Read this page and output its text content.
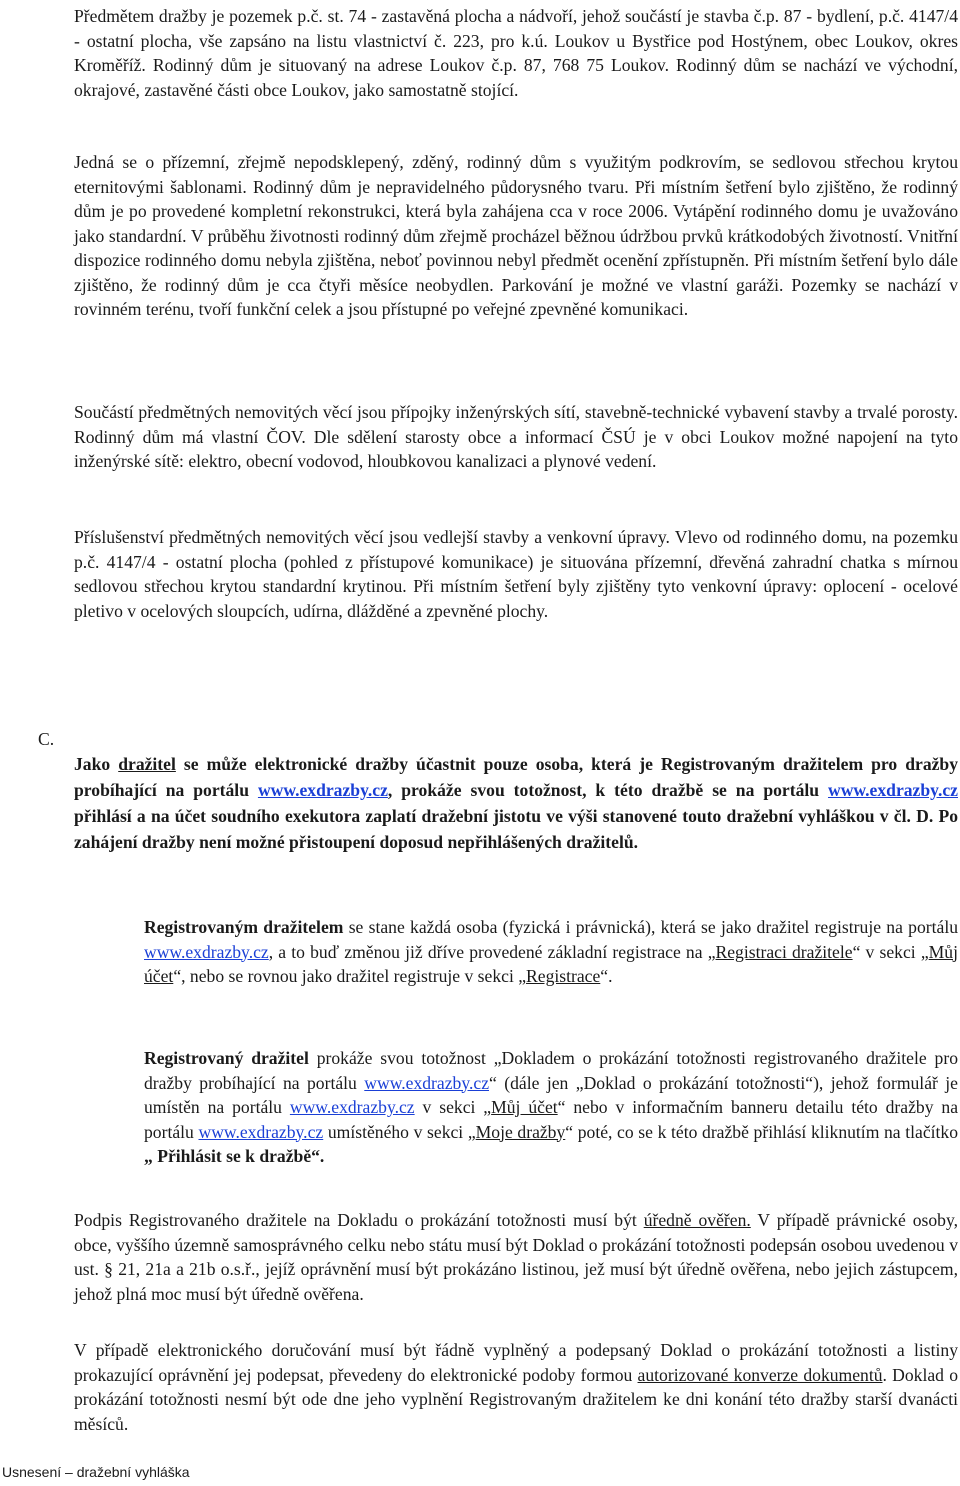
Předmětem dražby je pozemek p.č. st. 74 - zastavěná plocha a nádvoří, jehož součástí je stavba č.p. 87 - bydlení, p.č. 4147/4 - ostatní plocha, vše zapsáno na listu vlastnictví č. 223, pro k.ú. Loukov u Bystřice pod Hostýnem, obec Loukov, okres Kroměříž. Rodinný dům je situovaný na adrese Loukov č.p. 87, 768 75 Loukov. Rodinný dům se nachází ve východní, okrajové, zastavěné části obce Loukov, jako samostatně stojící.

Jedná se o přízemní, zřejmě nepodsklepený, zděný, rodinný dům s využitým podkrovím, se sedlovou střechou krytou eternitovými šablonami. Rodinný dům je nepravidelného půdorysného tvaru. Při místním šetření bylo zjištěno, že rodinný dům je po provedené kompletní rekonstrukci, která byla zahájena cca v roce 2006. Vytápění rodinného domu je uvažováno jako standardní. V průběhu životnosti rodinný dům zřejmě procházel běžnou údržbou prvků krátkodobých životností. Vnitřní dispozice rodinného domu nebyla zjištěna, neboť povinnou nebyl předmět ocenění zpřístupněn. Při místním šetření bylo dále zjištěno, že rodinný dům je cca čtyři měsíce neobydlen. Parkování je možné ve vlastní garáži. Pozemky se nachází v rovinném terénu, tvoří funkční celek a jsou přístupné po veřejné zpevněné komunikaci.

Součástí předmětných nemovitých věcí jsou přípojky inženýrských sítí, stavebně-technické vybavení stavby a trvalé porosty. Rodinný dům má vlastní ČOV. Dle sdělení starosty obce a informací ČSÚ je v obci Loukov možné napojení na tyto inženýrské sítě: elektro, obecní vodovod, hloubkovou kanalizaci a plynové vedení.

Příslušenství předmětných nemovitých věcí jsou vedlejší stavby a venkovní úpravy. Vlevo od rodinného domu, na pozemku p.č. 4147/4 - ostatní plocha (pohled z přístupové komunikace) je situována přízemní, dřevěná zahradní chatka s mírnou sedlovou střechou krytou standardní krytinou. Při místním šetření byly zjištěny tyto venkovní úpravy: oplocení - ocelové pletivo v ocelových sloupcích, udírna, dlážděné a zpevněné plochy.

C.

Jako dražitel se může elektronické dražby účastnit pouze osoba, která je Registrovaným dražitelem pro dražby probíhající na portálu www.exdrazby.cz, prokáže svou totožnost, k této dražbě se na portálu www.exdrazby.cz přihlásí a na účet soudního exekutora zaplatí dražební jistotu ve výši stanovené touto dražební vyhláškou v čl. D. Po zahájení dražby není možné přistoupení doposud nepřihlášených dražitelů.

Registrovaným dražitelem se stane každá osoba (fyzická i právnická), která se jako dražitel registruje na portálu www.exdrazby.cz, a to buď změnou již dříve provedené základní registrace na „Registraci dražitele“ v sekci „Můj účet“, nebo se rovnou jako dražitel registruje v sekci „Registrace“.

Registrovaný dražitel prokáže svou totožnost „Dokladem o prokázání totožnosti registrovaného dražitele pro dražby probíhající na portálu www.exdrazby.cz“ (dále jen „Doklad o prokázání totožnosti“), jehož formulář je umístěn na portálu www.exdrazby.cz v sekci „Můj účet“ nebo v informačním banneru detailu této dražby na portálu www.exdrazby.cz umístěného v sekci „Moje dražby“ poté, co se k této dražbě přihlásí kliknutím na tlačítko „ Přihlásit se k dražbě“.

Podpis Registrovaného dražitele na Dokladu o prokázání totožnosti musí být úředně ověřen. V případě právnické osoby, obce, vyššího územně samosprávného celku nebo státu musí být Doklad o prokázání totožnosti podepsán osobou uvedenou v ust. § 21, 21a a 21b o.s.ř., jejíž oprávnění musí být prokázáno listinou, jež musí být úředně ověřena, nebo jejich zástupcem, jehož plná moc musí být úředně ověřena.

V případě elektronického doručování musí být řádně vyplněný a podepsaný Doklad o prokázání totožnosti a listiny prokazující oprávnění jej podepsat, převedeny do elektronické podoby formou autorizované konverze dokumentů. Doklad o prokázání totožnosti nesmí být ode dne jeho vyplnění Registrovaným dražitelem ke dni konání této dražby starší dvanácti měsíců.

Usnesení – dražební vyhláška
